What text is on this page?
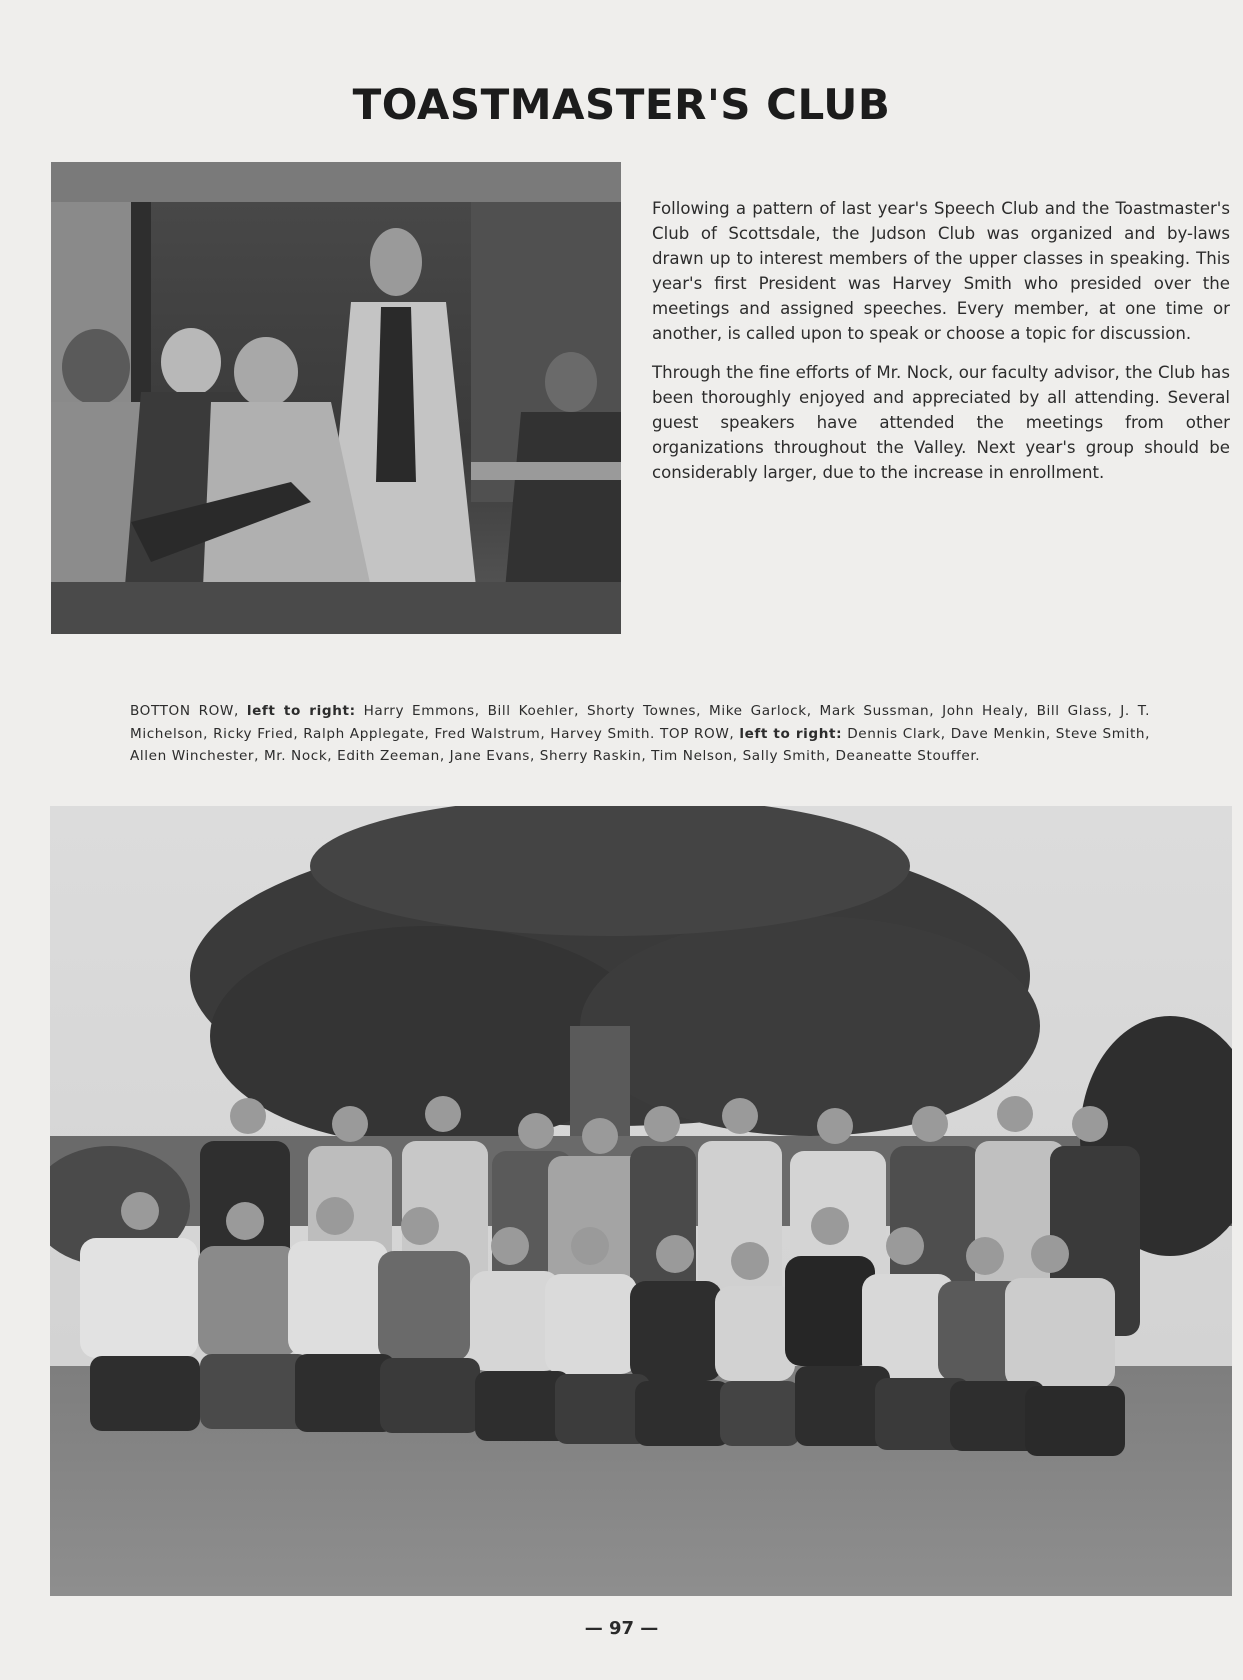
TOASTMASTER'S CLUB

Following a pattern of last year's Speech Club and the Toastmaster's Club of Scottsdale, the Judson Club was organized and by-laws drawn up to interest members of the upper classes in speaking. This year's first President was Harvey Smith who presided over the meetings and assigned speeches. Every member, at one time or another, is called upon to speak or choose a topic for discussion.

Through the fine efforts of Mr. Nock, our faculty advisor, the Club has been thoroughly enjoyed and appreciated by all attending. Several guest speakers have attended the meetings from other organizations throughout the Valley. Next year's group should be considerably larger, due to the increase in enrollment.

BOTTON ROW, left to right: Harry Emmons, Bill Koehler, Shorty Townes, Mike Garlock, Mark Sussman, John Healy, Bill Glass, J. T. Michelson, Ricky Fried, Ralph Applegate, Fred Walstrum, Harvey Smith. TOP ROW, left to right: Dennis Clark, Dave Menkin, Steve Smith, Allen Winchester, Mr. Nock, Edith Zeeman, Jane Evans, Sherry Raskin, Tim Nelson, Sally Smith, Deaneatte Stouffer.
— 97 —
